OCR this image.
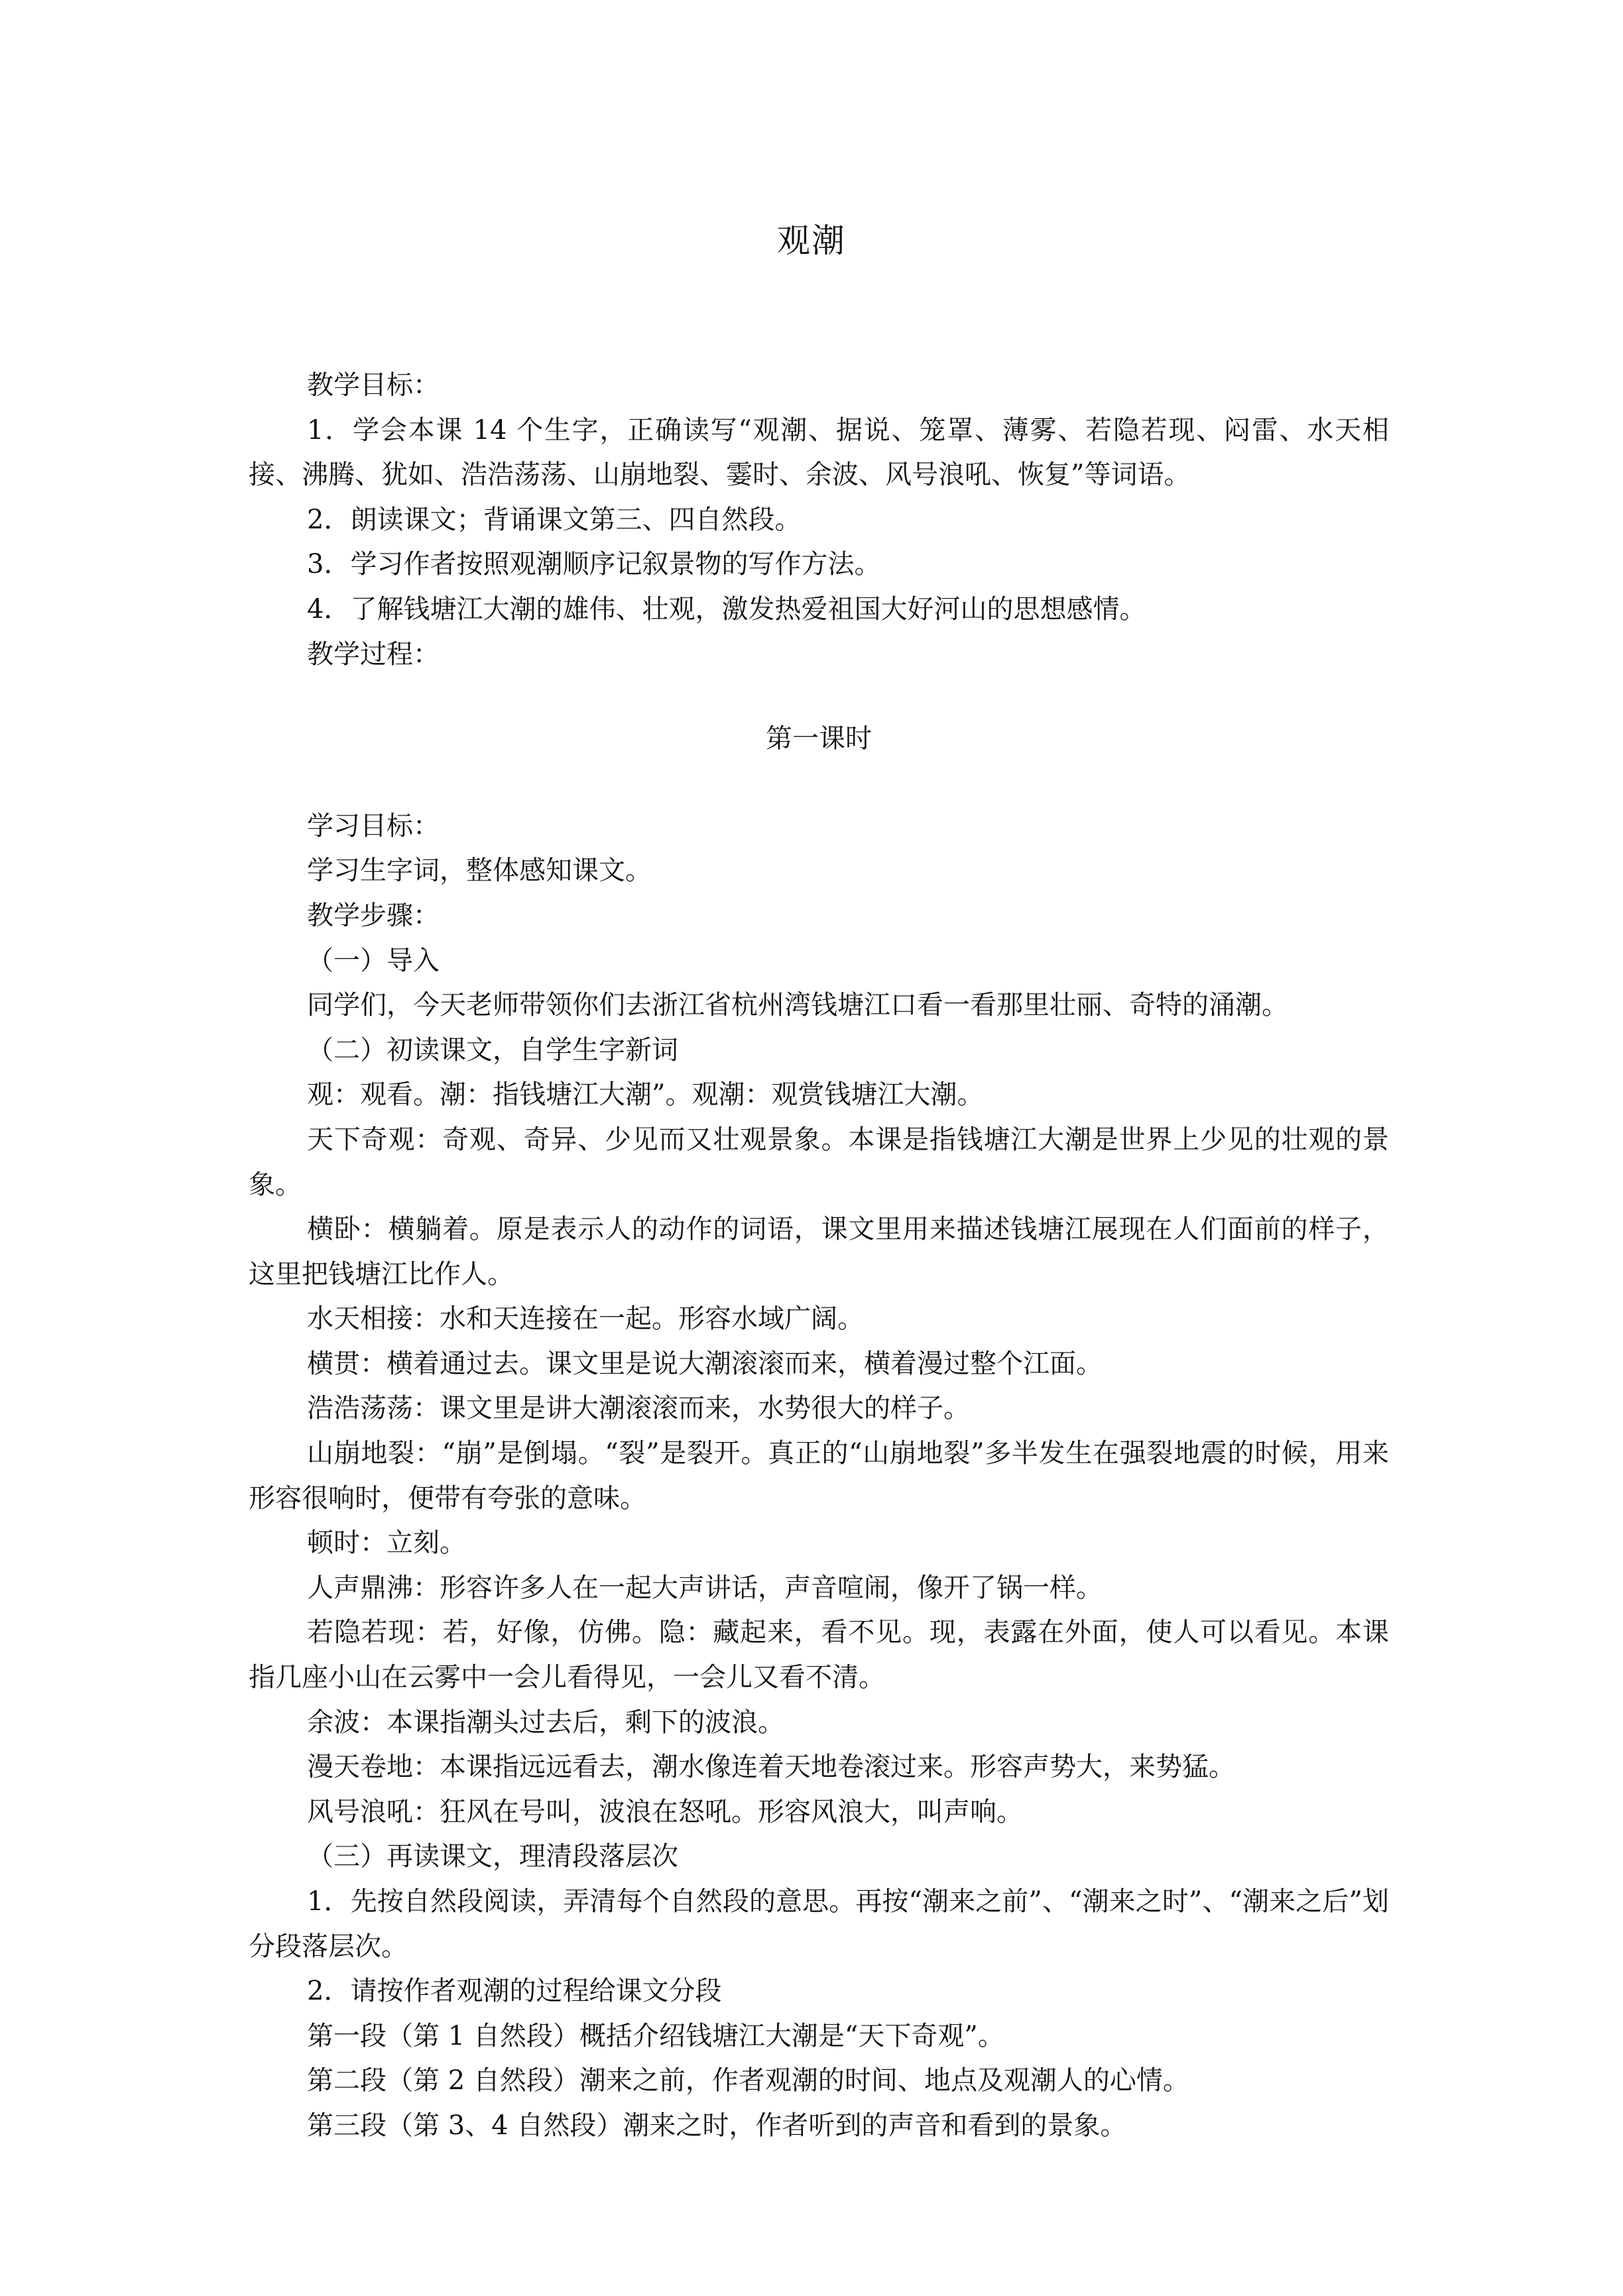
观潮

教学目标：

1．学会本课 14 个生字，正确读写“观潮、据说、笼罩、薄雾、若隐若现、闷雷、水天相接、沸腾、犹如、浩浩荡荡、山崩地裂、霎时、余波、风号浪吼、恢复”等词语。

2．朗读课文；背诵课文第三、四自然段。

3．学习作者按照观潮顺序记叙景物的写作方法。

4．了解钱塘江大潮的雄伟、壮观，激发热爱祖国大好河山的思想感情。

教学过程：

第一课时

学习目标：

学习生字词，整体感知课文。

教学步骤：

（一）导入

同学们，今天老师带领你们去浙江省杭州湾钱塘江口看一看那里壮丽、奇特的涌潮。

（二）初读课文，自学生字新词

观：观看。潮：指钱塘江大潮”。观潮：观赏钱塘江大潮。

天下奇观：奇观、奇异、少见而又壮观景象。本课是指钱塘江大潮是世界上少见的壮观的景象。

横卧：横躺着。原是表示人的动作的词语，课文里用来描述钱塘江展现在人们面前的样子，这里把钱塘江比作人。

水天相接：水和天连接在一起。形容水域广阔。

横贯：横着通过去。课文里是说大潮滚滚而来，横着漫过整个江面。

浩浩荡荡：课文里是讲大潮滚滚而来，水势很大的样子。

山崩地裂：“崩”是倒塌。“裂”是裂开。真正的“山崩地裂”多半发生在强裂地震的时候，用来形容很响时，便带有夸张的意味。

顿时：立刻。

人声鼎沸：形容许多人在一起大声讲话，声音喧闹，像开了锅一样。

若隐若现：若，好像，仿佛。隐：藏起来，看不见。现，表露在外面，使人可以看见。本课指几座小山在云雾中一会儿看得见，一会儿又看不清。

余波：本课指潮头过去后，剩下的波浪。

漫天卷地：本课指远远看去，潮水像连着天地卷滚过来。形容声势大，来势猛。

风号浪吼：狂风在号叫，波浪在怒吼。形容风浪大，叫声响。

（三）再读课文，理清段落层次

1．先按自然段阅读，弄清每个自然段的意思。再按“潮来之前”、“潮来之时”、“潮来之后”划分段落层次。

2．请按作者观潮的过程给课文分段

第一段（第 1 自然段）概括介绍钱塘江大潮是“天下奇观”。

第二段（第 2 自然段）潮来之前，作者观潮的时间、地点及观潮人的心情。

第三段（第 3、4 自然段）潮来之时，作者听到的声音和看到的景象。
